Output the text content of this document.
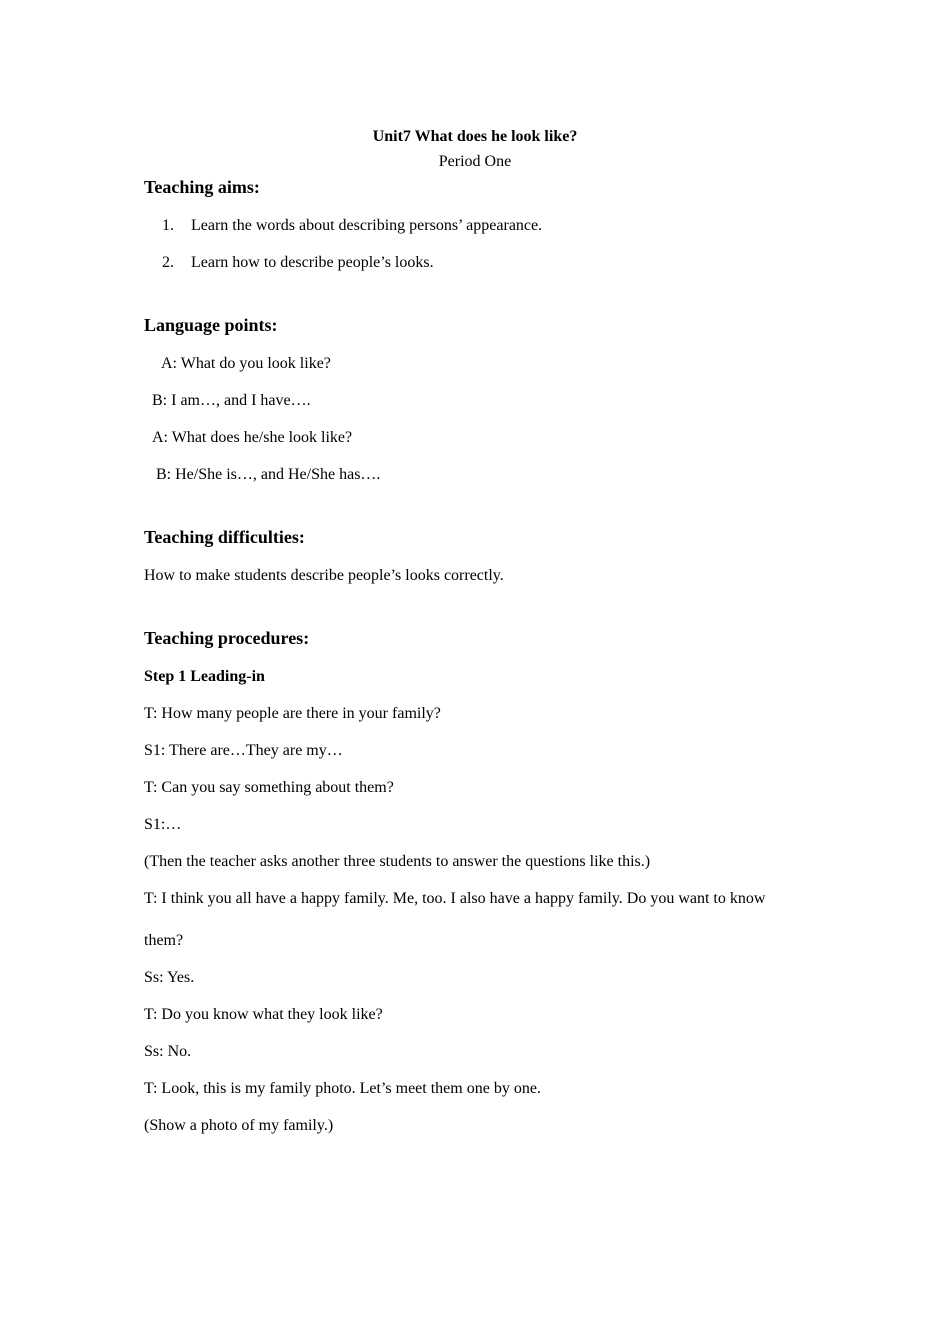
Unit7 What does he look like?
Period One
Teaching aims:
1. Learn the words about describing persons’ appearance.
2. Learn how to describe people’s looks.
Language points:
A: What do you look like?
B: I am…, and I have….
A: What does he/she look like?
B: He/She is…, and He/She has….
Teaching difficulties:
How to make students describe people’s looks correctly.
Teaching procedures:
Step 1 Leading-in
T: How many people are there in your family?
S1: There are…They are my…
T: Can you say something about them?
S1:…
(Then the teacher asks another three students to answer the questions like this.)
T: I think you all have a happy family. Me, too. I also have a happy family. Do you want to know
them?
Ss: Yes.
T: Do you know what they look like?
Ss: No.
T: Look, this is my family photo. Let’s meet them one by one.
(Show a photo of my family.)
